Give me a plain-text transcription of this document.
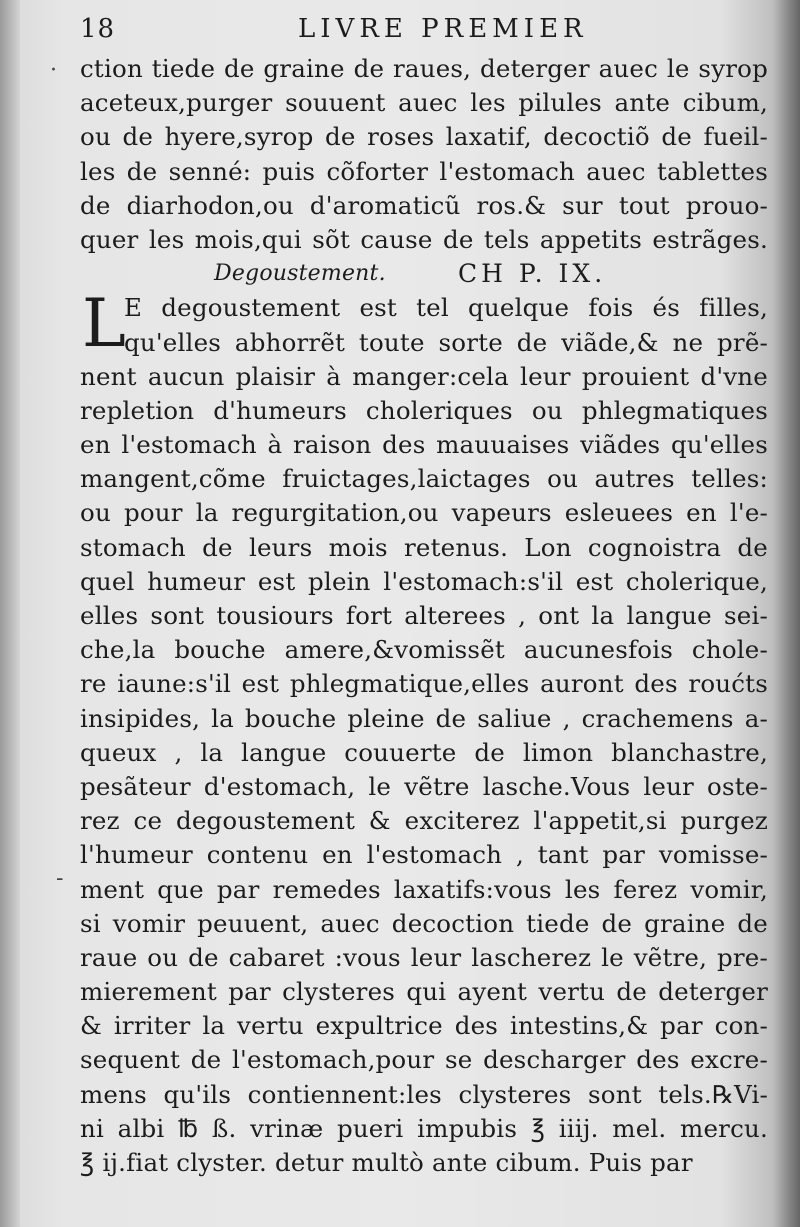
18	LIVRE PREMIER
·
-
ction tiede de graine de raues, deterger auec le syrop
aceteux,purger souuent auec les pilules ante cibum,
ou de hyere,syrop de roses laxatif, decoctiõ de fueil-
les de senné: puis cõforter l'estomach auec tablettes
de diarhodon,ou d'aromaticũ ros.& sur tout prouo-
quer les mois,qui sõt cause de tels appetits estrãges.
Degoustement.	CH P. IX.
L
E degoustement est tel quelque fois és filles,
qu'elles abhorrẽt toute sorte de viãde,& ne prẽ-
nent aucun plaisir à manger:cela leur prouient d'vne
repletion d'humeurs choleriques ou phlegmatiques
en l'estomach à raison des mauuaises viãdes qu'elles
mangent,cõme fruictages,laictages ou autres telles:
ou pour la regurgitation,ou vapeurs esleuees en l'e-
stomach de leurs mois retenus. Lon cognoistra de
quel humeur est plein l'estomach:s'il est cholerique,
elles sont tousiours fort alterees , ont la langue sei-
che,la bouche amere,&vomissẽt aucunesfois chole-
re iaune:s'il est phlegmatique,elles auront des roućts
insipides, la bouche pleine de saliue , crachemens a-
queux , la langue couuerte de limon blanchastre,
pesãteur d'estomach, le vẽtre lasche.Vous leur oste-
rez ce degoustement & exciterez l'appetit,si purgez
l'humeur contenu en l'estomach , tant par vomisse-
ment que par remedes laxatifs:vous les ferez vomir,
si vomir peuuent, auec decoction tiede de graine de
raue ou de cabaret :vous leur lascherez le vẽtre, pre-
mierement par clysteres qui ayent vertu de deterger
& irriter la vertu expultrice des intestins,& par con-
sequent de l'estomach,pour se descharger des excre-
mens qu'ils contiennent:les clysteres sont tels.℞Vi-
ni albi ℔ ß. vrinæ pueri impubis ℥ iiij. mel. mercu.
℥ ij.fiat clyster. detur multò ante cibum. Puis par
